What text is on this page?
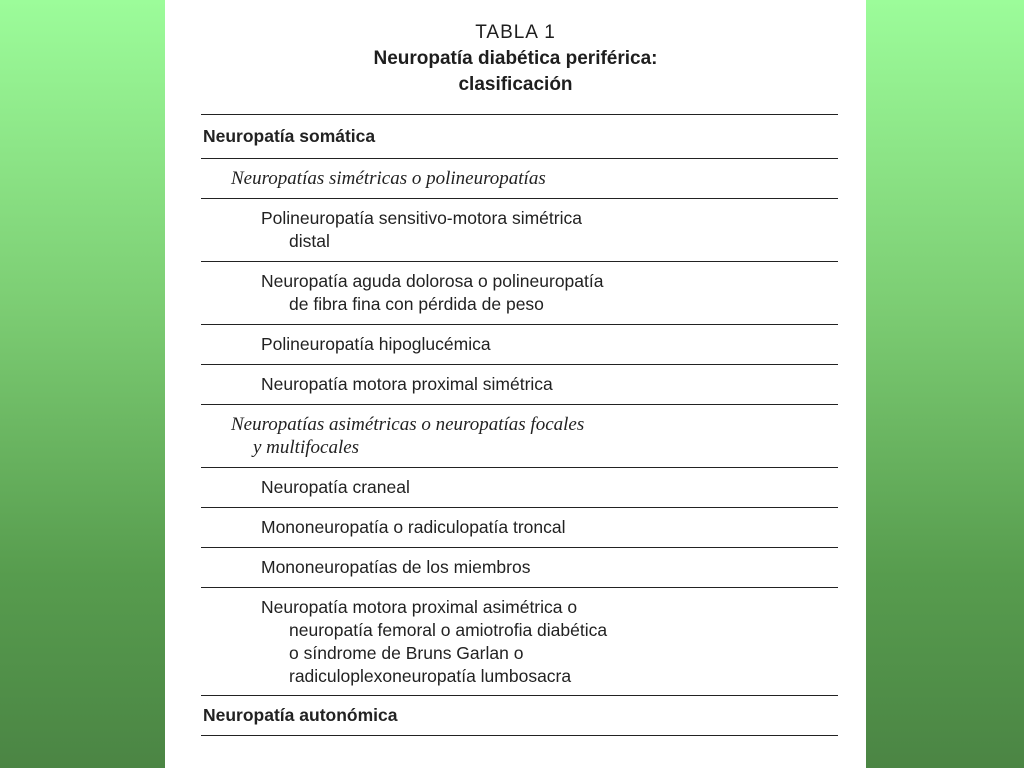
TABLA 1
Neuropatía diabética periférica:
clasificación
Neuropatía somática
Neuropatías simétricas o polineuropatías
Polineuropatía sensitivo-motora simétrica
distal
Neuropatía aguda dolorosa o polineuropatía
de fibra fina con pérdida de peso
Polineuropatía hipoglucémica
Neuropatía motora proximal simétrica
Neuropatías asimétricas o neuropatías focales
y multifocales
Neuropatía craneal
Mononeuropatía o radiculopatía troncal
Mononeuropatías de los miembros
Neuropatía motora proximal asimétrica o
neuropatía femoral o amiotrofia diabética
o síndrome de Bruns Garlan o
radiculoplexoneuropatía lumbosacra
Neuropatía autonómica
